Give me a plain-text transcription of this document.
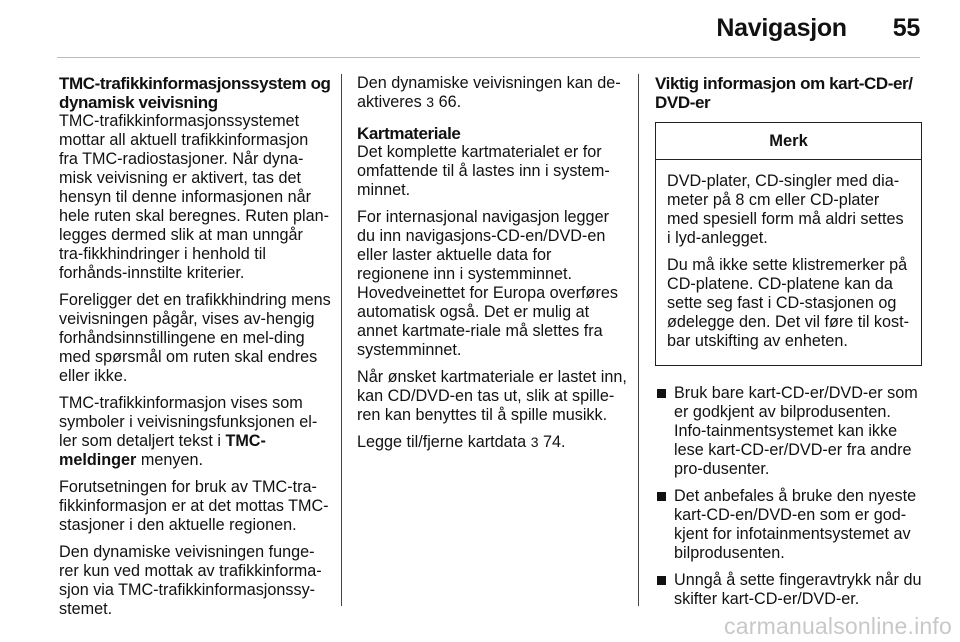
Navigasjon 55
TMC-trafikkinformasjonssystem og dynamisk veivisning

TMC-trafikkinformasjonssystemet mottar all aktuell trafikkinformasjon fra TMC-radiostasjoner. Når dyna-misk veivisning er aktivert, tas det hensyn til denne informasjonen når hele ruten skal beregnes. Ruten plan-legges dermed slik at man unngår tra-fikkhindringer i henhold til forhånds-innstilte kriterier.

Foreligger det en trafikkhindring mens veivisningen pågår, vises av-hengig forhåndsinnstillingene en mel-ding med spørsmål om ruten skal endres eller ikke.

TMC-trafikkinformasjon vises som symboler i veivisningsfunksjonen el-ler som detaljert tekst i TMC-meldinger menyen.

Forutsetningen for bruk av TMC-tra-fikkinformasjon er at det mottas TMC-stasjoner i den aktuelle regionen.

Den dynamiske veivisningen funge-rer kun ved mottak av trafikkinforma-sjon via TMC-trafikkinformasjonssy-stemet.

Den dynamiske veivisningen kan de-aktiveres 3 66.

Kartmateriale

Det komplette kartmaterialet er for omfattende til å lastes inn i system-minnet.

For internasjonal navigasjon legger du inn navigasjons-CD-en/DVD-en eller laster aktuelle data for regionene inn i systemminnet. Hovedveinettet for Europa overføres automatisk også. Det er mulig at annet kartmate-riale må slettes fra systemminnet.

Når ønsket kartmateriale er lastet inn, kan CD/DVD-en tas ut, slik at spille-ren kan benyttes til å spille musikk.

Legge til/fjerne kartdata 3 74.

Viktig informasjon om kart-CD-er/ DVD-er
Merk

DVD-plater, CD-singler med dia-meter på 8 cm eller CD-plater med spesiell form må aldri settes i lyd-anlegget.

Du må ikke sette klistremerker på CD-platene. CD-platene kan da sette seg fast i CD-stasjonen og ødelegge den. Det vil føre til kost-bar utskifting av enheten.

Bruk bare kart-CD-er/DVD-er som er godkjent av bilprodusenten. Info-tainmentsystemet kan ikke lese kart-CD-er/DVD-er fra andre pro-dusenter.
Det anbefales å bruke den nyeste kart-CD-en/DVD-en som er god-kjent for infotainmentsystemet av bilprodusenten.
Unngå å sette fingeravtrykk når du skifter kart-CD-er/DVD-er.
carmanualsonline.info
